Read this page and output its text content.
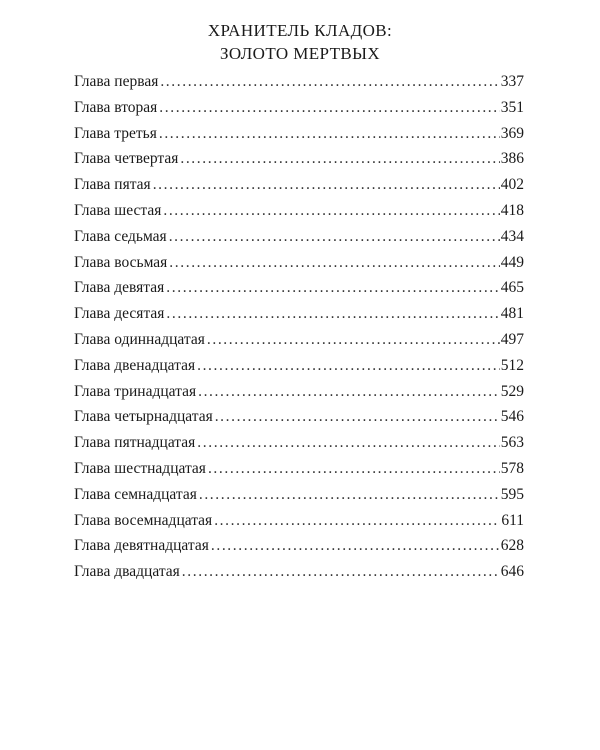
ХРАНИТЕЛЬ КЛАДОВ:
ЗОЛОТО МЕРТВЫХ
Глава первая .....	337
Глава вторая .....	351
Глава третья .....	369
Глава четвертая .....	386
Глава пятая .....	402
Глава шестая .....	418
Глава седьмая .....	434
Глава восьмая .....	449
Глава девятая .....	465
Глава десятая .....	481
Глава одиннадцатая .....	497
Глава двенадцатая .....	512
Глава тринадцатая .....	529
Глава четырнадцатая .....	546
Глава пятнадцатая .....	563
Глава шестнадцатая .....	578
Глава семнадцатая .....	595
Глава восемнадцатая .....	611
Глава девятнадцатая .....	628
Глава двадцатая .....	646
